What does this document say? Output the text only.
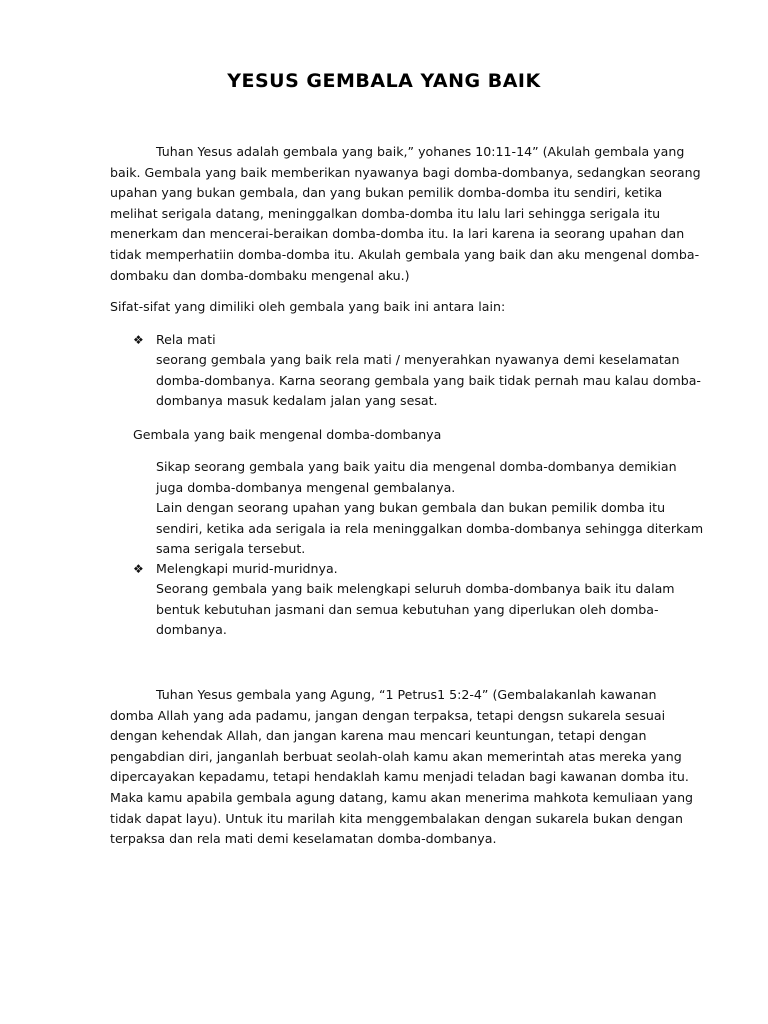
YESUS GEMBALA YANG BAIK
Tuhan Yesus adalah gembala yang baik,” yohanes 10:11-14” (Akulah gembala yang
baik. Gembala yang baik memberikan nyawanya bagi domba-dombanya, sedangkan seorang
upahan yang bukan gembala, dan yang bukan pemilik domba-domba itu sendiri, ketika
melihat serigala datang, meninggalkan domba-domba itu lalu lari sehingga serigala itu
menerkam dan mencerai-beraikan domba-domba itu. Ia lari karena ia seorang upahan dan
tidak memperhatiin domba-domba itu. Akulah gembala yang baik dan aku mengenal domba-
dombaku dan domba-dombaku mengenal aku.)
Sifat-sifat yang dimiliki oleh gembala yang baik ini antara lain:
❖ Rela mati
seorang gembala yang baik rela mati / menyerahkan nyawanya demi keselamatan
domba-dombanya. Karna seorang gembala yang baik tidak pernah mau kalau domba-
dombanya masuk kedalam jalan yang sesat.
Gembala yang baik mengenal domba-dombanya
Sikap seorang gembala yang baik yaitu dia mengenal domba-dombanya demikian
juga domba-dombanya mengenal gembalanya.
Lain dengan seorang upahan yang bukan gembala dan bukan pemilik domba itu
sendiri, ketika ada serigala ia rela meninggalkan domba-dombanya sehingga diterkam
sama serigala tersebut.
❖ Melengkapi murid-muridnya.
Seorang gembala yang baik melengkapi seluruh domba-dombanya baik itu dalam
bentuk kebutuhan jasmani dan semua kebutuhan yang diperlukan oleh domba-
dombanya.
Tuhan Yesus gembala yang Agung, “1 Petrus1 5:2-4” (Gembalakanlah kawanan
domba Allah yang ada padamu, jangan dengan terpaksa, tetapi dengsn sukarela sesuai
dengan kehendak Allah, dan jangan karena mau mencari keuntungan, tetapi dengan
pengabdian diri, janganlah berbuat seolah-olah kamu akan memerintah atas mereka yang
dipercayakan kepadamu, tetapi hendaklah kamu menjadi teladan bagi kawanan domba itu.
Maka kamu apabila gembala agung datang, kamu akan menerima mahkota kemuliaan yang
tidak dapat layu). Untuk itu marilah kita menggembalakan dengan sukarela bukan dengan
terpaksa dan rela mati demi keselamatan domba-dombanya.
